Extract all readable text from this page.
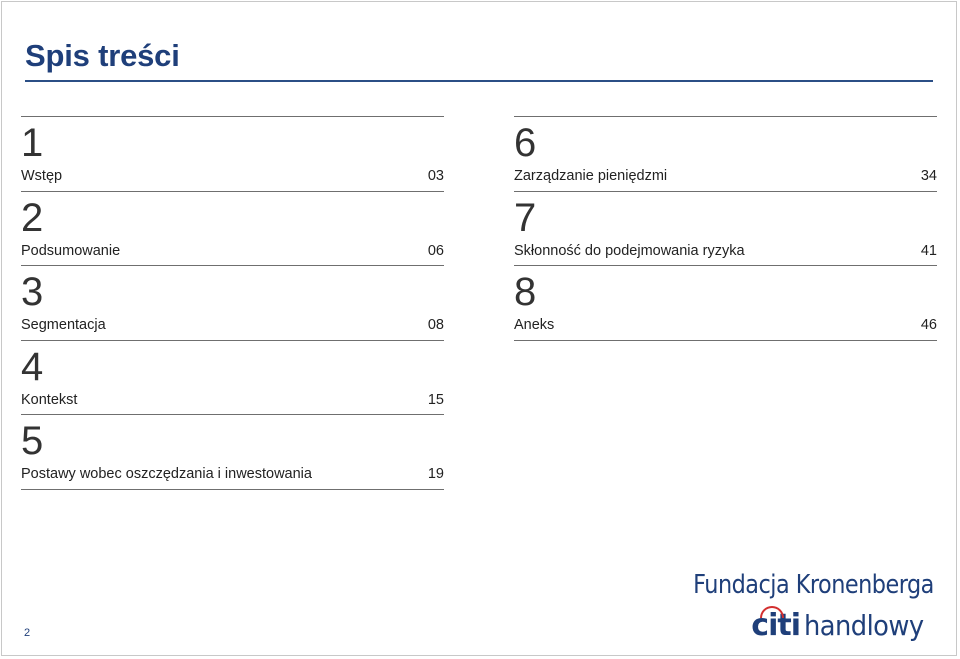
Spis treści
1
Wstęp	03
2
Podsumowanie	06
3
Segmentacja	08
4
Kontekst	15
5
Postawy wobec oszczędzania i inwestowania	19
6
Zarządzanie pieniędzmi	34
7
Skłonność do podejmowania ryzyka	41
8
Aneks	46
2
Fundacja Kronenberga
citi handlowy
